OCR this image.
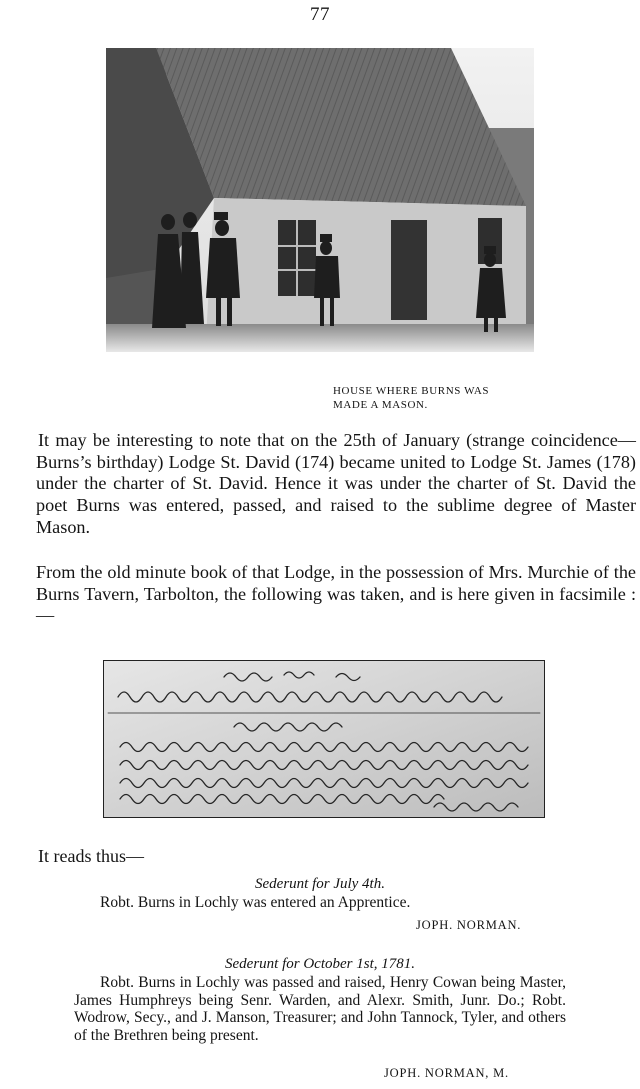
77
HOUSE WHERE BURNS WAS
MADE A MASON.

It may be interesting to note that on the 25th of January (strange coincidence—Burns’s birthday) Lodge St. David (174) became united to Lodge St. James (178) under the charter of St. David. Hence it was under the charter of St. David the poet Burns was entered, passed, and raised to the sublime degree of Master Mason.

From the old minute book of that Lodge, in the possession of Mrs. Murchie of the Burns Tavern, Tarbolton, the following was taken, and is here given in facsimile :—

It reads thus—
Sederunt for July 4th.
Robt. Burns in Lochly was entered an Apprentice.
JOPH. NORMAN.
Sederunt for October 1st, 1781.

Robt. Burns in Lochly was passed and raised, Henry Cowan being Master, James Humphreys being Senr. Warden, and Alexr. Smith, Junr. Do.; Robt. Wodrow, Secy., and J. Manson, Treasurer; and John Tannock, Tyler, and others of the Brethren being present.

JOPH. NORMAN, M.
